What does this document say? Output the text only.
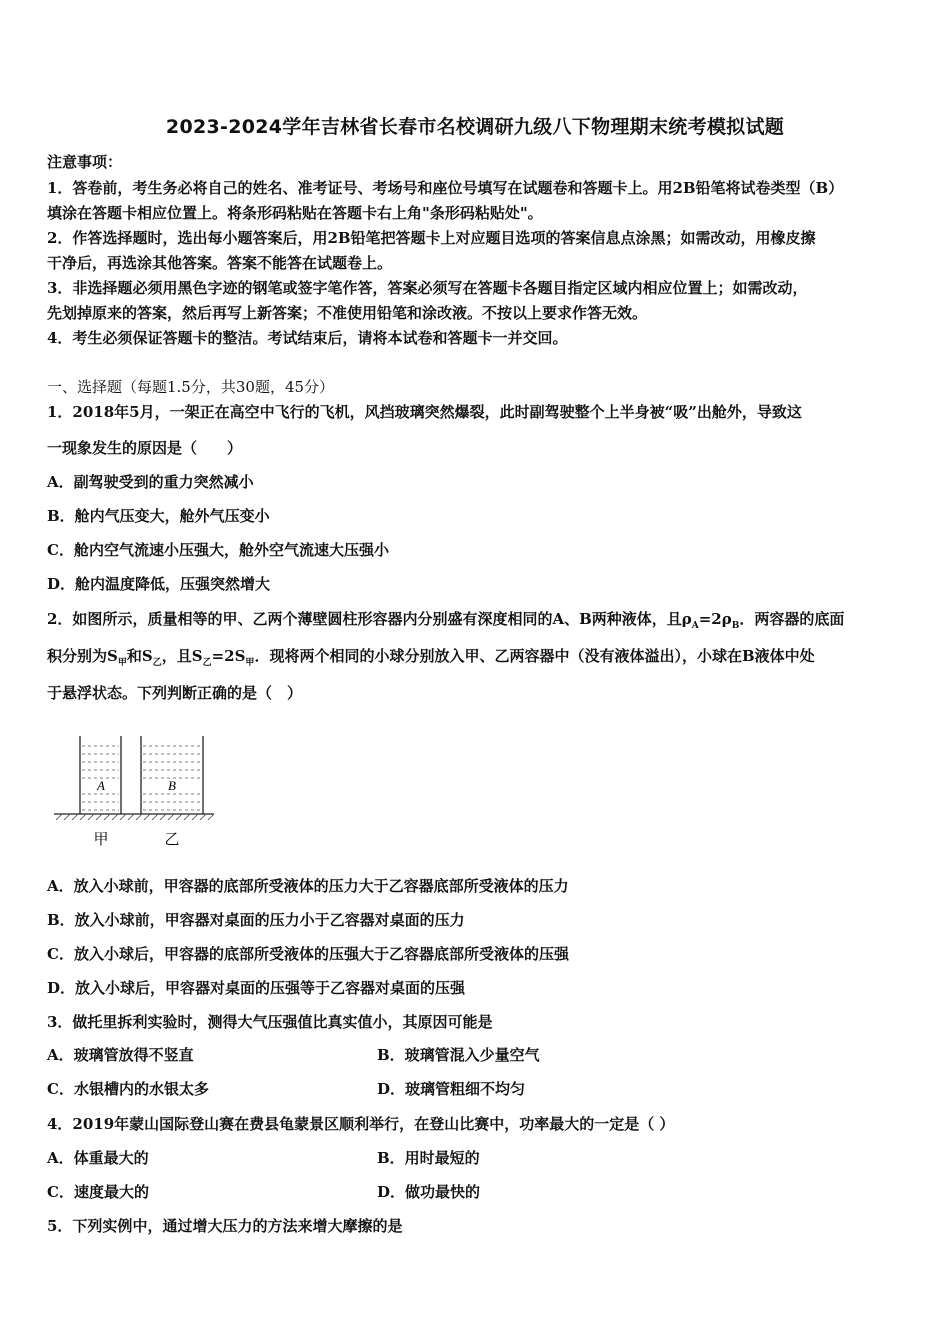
2023-2024学年吉林省长春市名校调研九级八下物理期末统考模拟试题
注意事项：
1．答卷前，考生务必将自己的姓名、准考证号、考场号和座位号填写在试题卷和答题卡上。用2B铅笔将试卷类型（B）
填涂在答题卡相应位置上。将条形码粘贴在答题卡右上角"条形码粘贴处"。
2．作答选择题时，选出每小题答案后，用2B铅笔把答题卡上对应题目选项的答案信息点涂黑；如需改动，用橡皮擦
干净后，再选涂其他答案。答案不能答在试题卷上。
3．非选择题必须用黑色字迹的钢笔或签字笔作答，答案必须写在答题卡各题目指定区域内相应位置上；如需改动，
先划掉原来的答案，然后再写上新答案；不准使用铅笔和涂改液。不按以上要求作答无效。
4．考生必须保证答题卡的整洁。考试结束后，请将本试卷和答题卡一并交回。
一、选择题（每题1.5分，共30题，45分）
1．2018年5月，一架正在高空中飞行的飞机，风挡玻璃突然爆裂，此时副驾驶整个上半身被“吸”出舱外，导致这
一现象发生的原因是（　　）
A．副驾驶受到的重力突然减小
B．舱内气压变大，舱外气压变小
C．舱内空气流速小压强大，舱外空气流速大压强小
D．舱内温度降低，压强突然增大
2．如图所示，质量相等的甲、乙两个薄壁圆柱形容器内分别盛有深度相同的A、B两种液体，且$\rho_A=2\rho_B$．两容器的底面
积分别为$S_甲$和$S_乙$，且$S_乙=2S_甲$．现将两个相同的小球分别放入甲、乙两容器中（没有液体溢出），小球在B液体中处
于悬浮状态。下列判断正确的是（　）
A	B
甲	乙
A．放入小球前，甲容器的底部所受液体的压力大于乙容器底部所受液体的压力
B．放入小球前，甲容器对桌面的压力小于乙容器对桌面的压力
C．放入小球后，甲容器的底部所受液体的压强大于乙容器底部所受液体的压强
D．放入小球后，甲容器对桌面的压强等于乙容器对桌面的压强
3．做托里拆利实验时，测得大气压强值比真实值小，其原因可能是
A．玻璃管放得不竖直	B．玻璃管混入少量空气
C．水银槽内的水银太多	D．玻璃管粗细不均匀
4．2019年蒙山国际登山赛在费县龟蒙景区顺利举行，在登山比赛中，功率最大的一定是（ ）
A．体重最大的	B．用时最短的
C．速度最大的	D．做功最快的
5．下列实例中，通过增大压力的方法来增大摩擦的是
